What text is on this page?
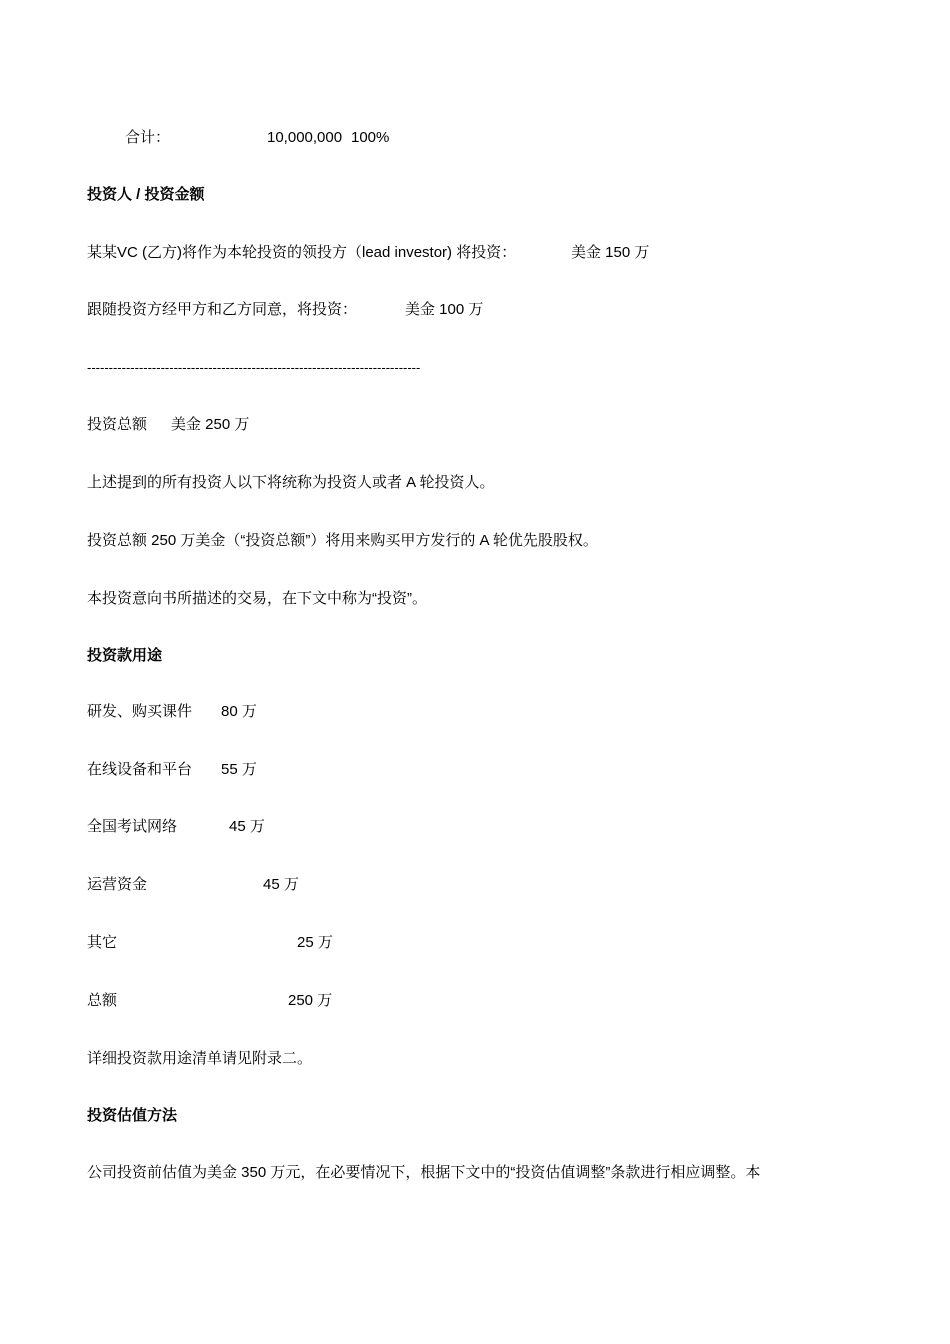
合计：	10,000,000 100%
投资人 / 投资金额
某某VC (乙方)将作为本轮投资的领投方（lead investor) 将投资：	美金 150 万
跟随投资方经甲方和乙方同意，将投资：	美金 100 万
-----------------------------------------------------------------------------
投资总额 美金 250 万
上述提到的所有投资人以下将统称为投资人或者 A 轮投资人。
投资总额 250 万美金（“投资总额”）将用来购买甲方发行的 A 轮优先股股权。
本投资意向书所描述的交易，在下文中称为“投资”。
投资款用途
研发、购买课件 80 万
在线设备和平台 55 万
全国考试网络	45 万
运营资金	45 万
其它	25 万
总额	250 万
详细投资款用途清单请见附录二。
投资估值方法
公司投资前估值为美金 350 万元，在必要情况下，根据下文中的“投资估值调整”条款进行相应调整。本
